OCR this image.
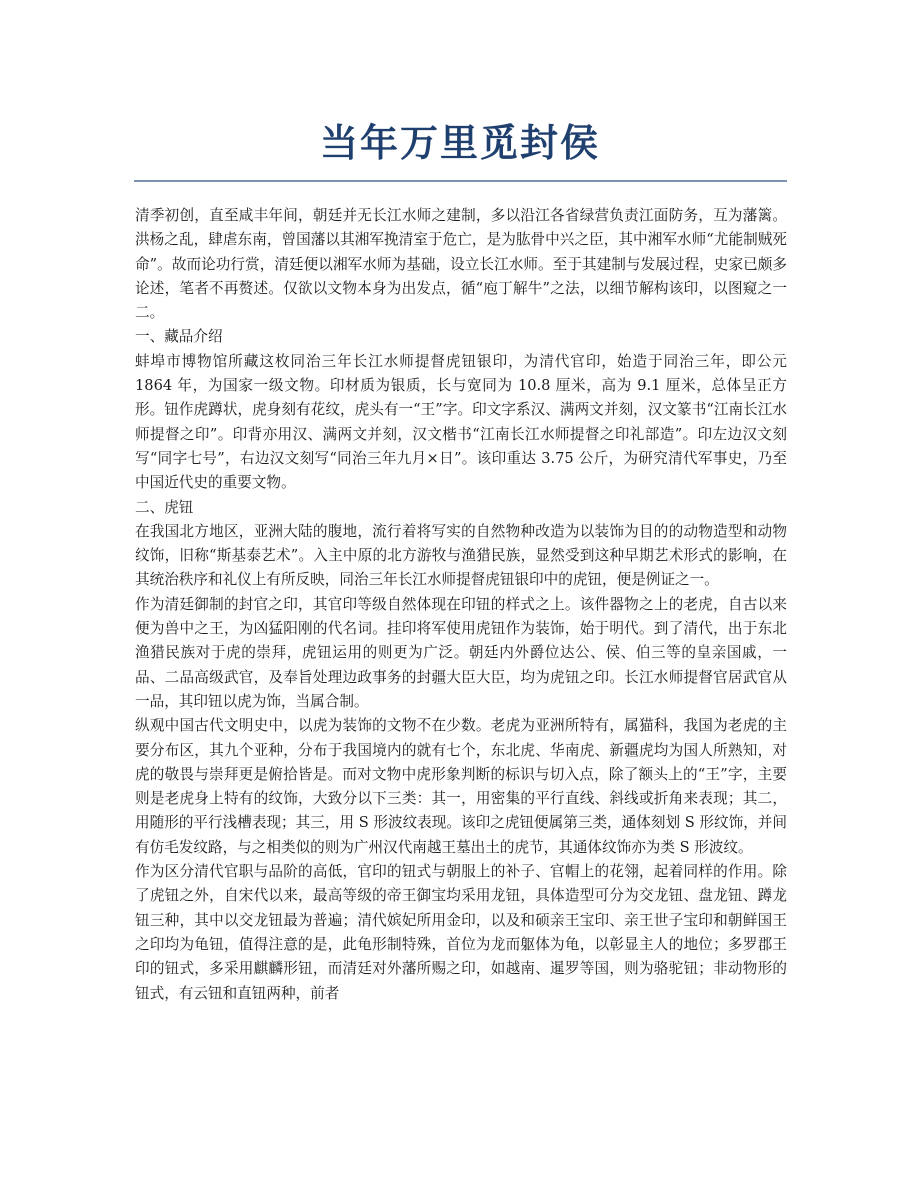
当年万里觅封侯

清季初创，直至咸丰年间，朝廷并无长江水师之建制，多以沿江各省绿营负责江面防务，互为藩篱。洪杨之乱，肆虐东南，曾国藩以其湘军挽清室于危亡，是为肱骨中兴之臣，其中湘军水师“尤能制贼死命”。故而论功行赏，清廷便以湘军水师为基础，设立长江水师。至于其建制与发展过程，史家已颇多论述，笔者不再赘述。仅欲以文物本身为出发点，循“庖丁解牛”之法，以细节解构该印，以图窥之一二。

一、藏品介绍

蚌埠市博物馆所藏这枚同治三年长江水师提督虎钮银印，为清代官印，始造于同治三年，即公元 1864 年，为国家一级文物。印材质为银质，长与宽同为 10.8 厘米，高为 9.1 厘米，总体呈正方形。钮作虎蹲状，虎身刻有花纹，虎头有一“王”字。印文字系汉、满两文并刻，汉文篆书“江南长江水师提督之印”。印背亦用汉、满两文并刻，汉文楷书“江南长江水师提督之印礼部造”。印左边汉文刻写“同字七号”，右边汉文刻写“同治三年九月×日”。该印重达 3.75 公斤，为研究清代军事史，乃至中国近代史的重要文物。

二、虎钮

在我国北方地区，亚洲大陆的腹地，流行着将写实的自然物种改造为以装饰为目的的动物造型和动物纹饰，旧称“斯基泰艺术”。入主中原的北方游牧与渔猎民族，显然受到这种早期艺术形式的影响，在其统治秩序和礼仪上有所反映，同治三年长江水师提督虎钮银印中的虎钮，便是例证之一。

作为清廷御制的封官之印，其官印等级自然体现在印钮的样式之上。该件器物之上的老虎，自古以来便为兽中之王，为凶猛阳刚的代名词。挂印将军使用虎钮作为装饰，始于明代。到了清代，出于东北渔猎民族对于虎的崇拜，虎钮运用的则更为广泛。朝廷内外爵位达公、侯、伯三等的皇亲国戚，一品、二品高级武官，及奉旨处理边政事务的封疆大臣大臣，均为虎钮之印。长江水师提督官居武官从一品，其印钮以虎为饰，当属合制。

纵观中国古代文明史中，以虎为装饰的文物不在少数。老虎为亚洲所特有，属猫科，我国为老虎的主要分布区，其九个亚种，分布于我国境内的就有七个，东北虎、华南虎、新疆虎均为国人所熟知，对虎的敬畏与崇拜更是俯拾皆是。而对文物中虎形象判断的标识与切入点，除了额头上的“王”字，主要则是老虎身上特有的纹饰，大致分以下三类：其一，用密集的平行直线、斜线或折角来表现；其二，用随形的平行浅槽表现；其三，用 S 形波纹表现。该印之虎钮便属第三类，通体刻划 S 形纹饰，并间有仿毛发纹路，与之相类似的则为广州汉代南越王墓出土的虎节，其通体纹饰亦为类 S 形波纹。

作为区分清代官职与品阶的高低，官印的钮式与朝服上的补子、官帽上的花翎，起着同样的作用。除了虎钮之外，自宋代以来，最高等级的帝王御宝均采用龙钮，具体造型可分为交龙钮、盘龙钮、蹲龙钮三种，其中以交龙钮最为普遍；清代嫔妃所用金印，以及和硕亲王宝印、亲王世子宝印和朝鲜国王之印均为龟钮，值得注意的是，此龟形制特殊，首位为龙而躯体为龟，以彰显主人的地位；多罗郡王印的钮式，多采用麒麟形钮，而清廷对外藩所赐之印，如越南、暹罗等国，则为骆驼钮；非动物形的钮式，有云钮和直钮两种，前者
